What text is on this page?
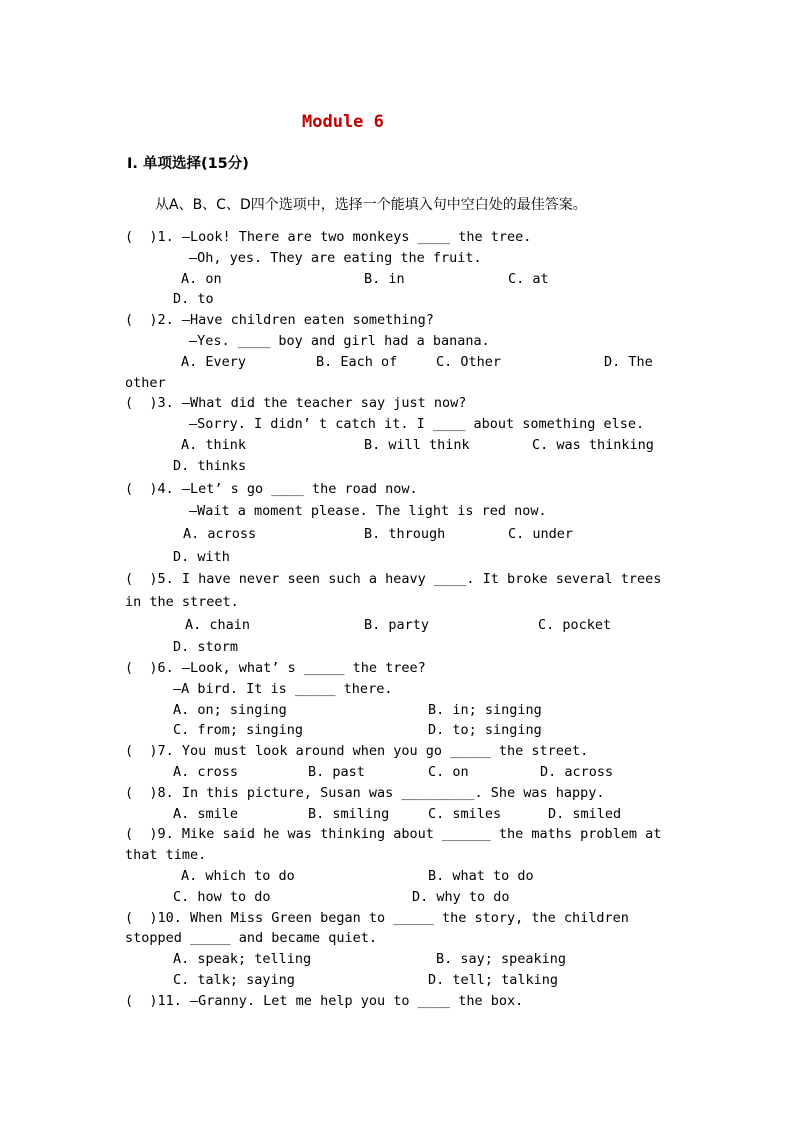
Module 6
Ⅰ. 单项选择(15分)
从A、B、C、D四个选项中，选择一个能填入句中空白处的最佳答案。
(  )1. —Look! There are two monkeys ____ the tree.
—Oh, yes. They are eating the fruit.
A. on	B. in	C. at
D. to
(  )2. —Have children eaten something?
—Yes. ____ boy and girl had a banana.
A. Every	B. Each of	C. Other	D. The
other
(  )3. —What did the teacher say just now?
—Sorry. I didn’ t catch it. I ____ about something else.
A. think	B. will think	C. was thinking
D. thinks
(  )4. —Let’ s go ____ the road now.
—Wait a moment please. The light is red now.
A. across	B. through	C. under
D. with
(  )5. I have never seen such a heavy ____. It broke several trees
in the street.
A. chain	B. party	C. pocket
D. storm
(  )6. —Look, what’ s _____ the tree?
—A bird. It is _____ there.
A. on; singing	B. in; singing
C. from; singing	D. to; singing
(  )7. You must look around when you go _____ the street.
A. cross	B. past	C. on	D. across
(  )8. In this picture, Susan was _________. She was happy.
A. smile	B. smiling	C. smiles	D. smiled
(  )9. Mike said he was thinking about ______ the maths problem at
that time.
A. which to do	B. what to do
C. how to do	D. why to do
(  )10. When Miss Green began to _____ the story, the children
stopped _____ and became quiet.
A. speak; telling	B. say; speaking
C. talk; saying	D. tell; talking
(  )11. —Granny. Let me help you to ____ the box.
